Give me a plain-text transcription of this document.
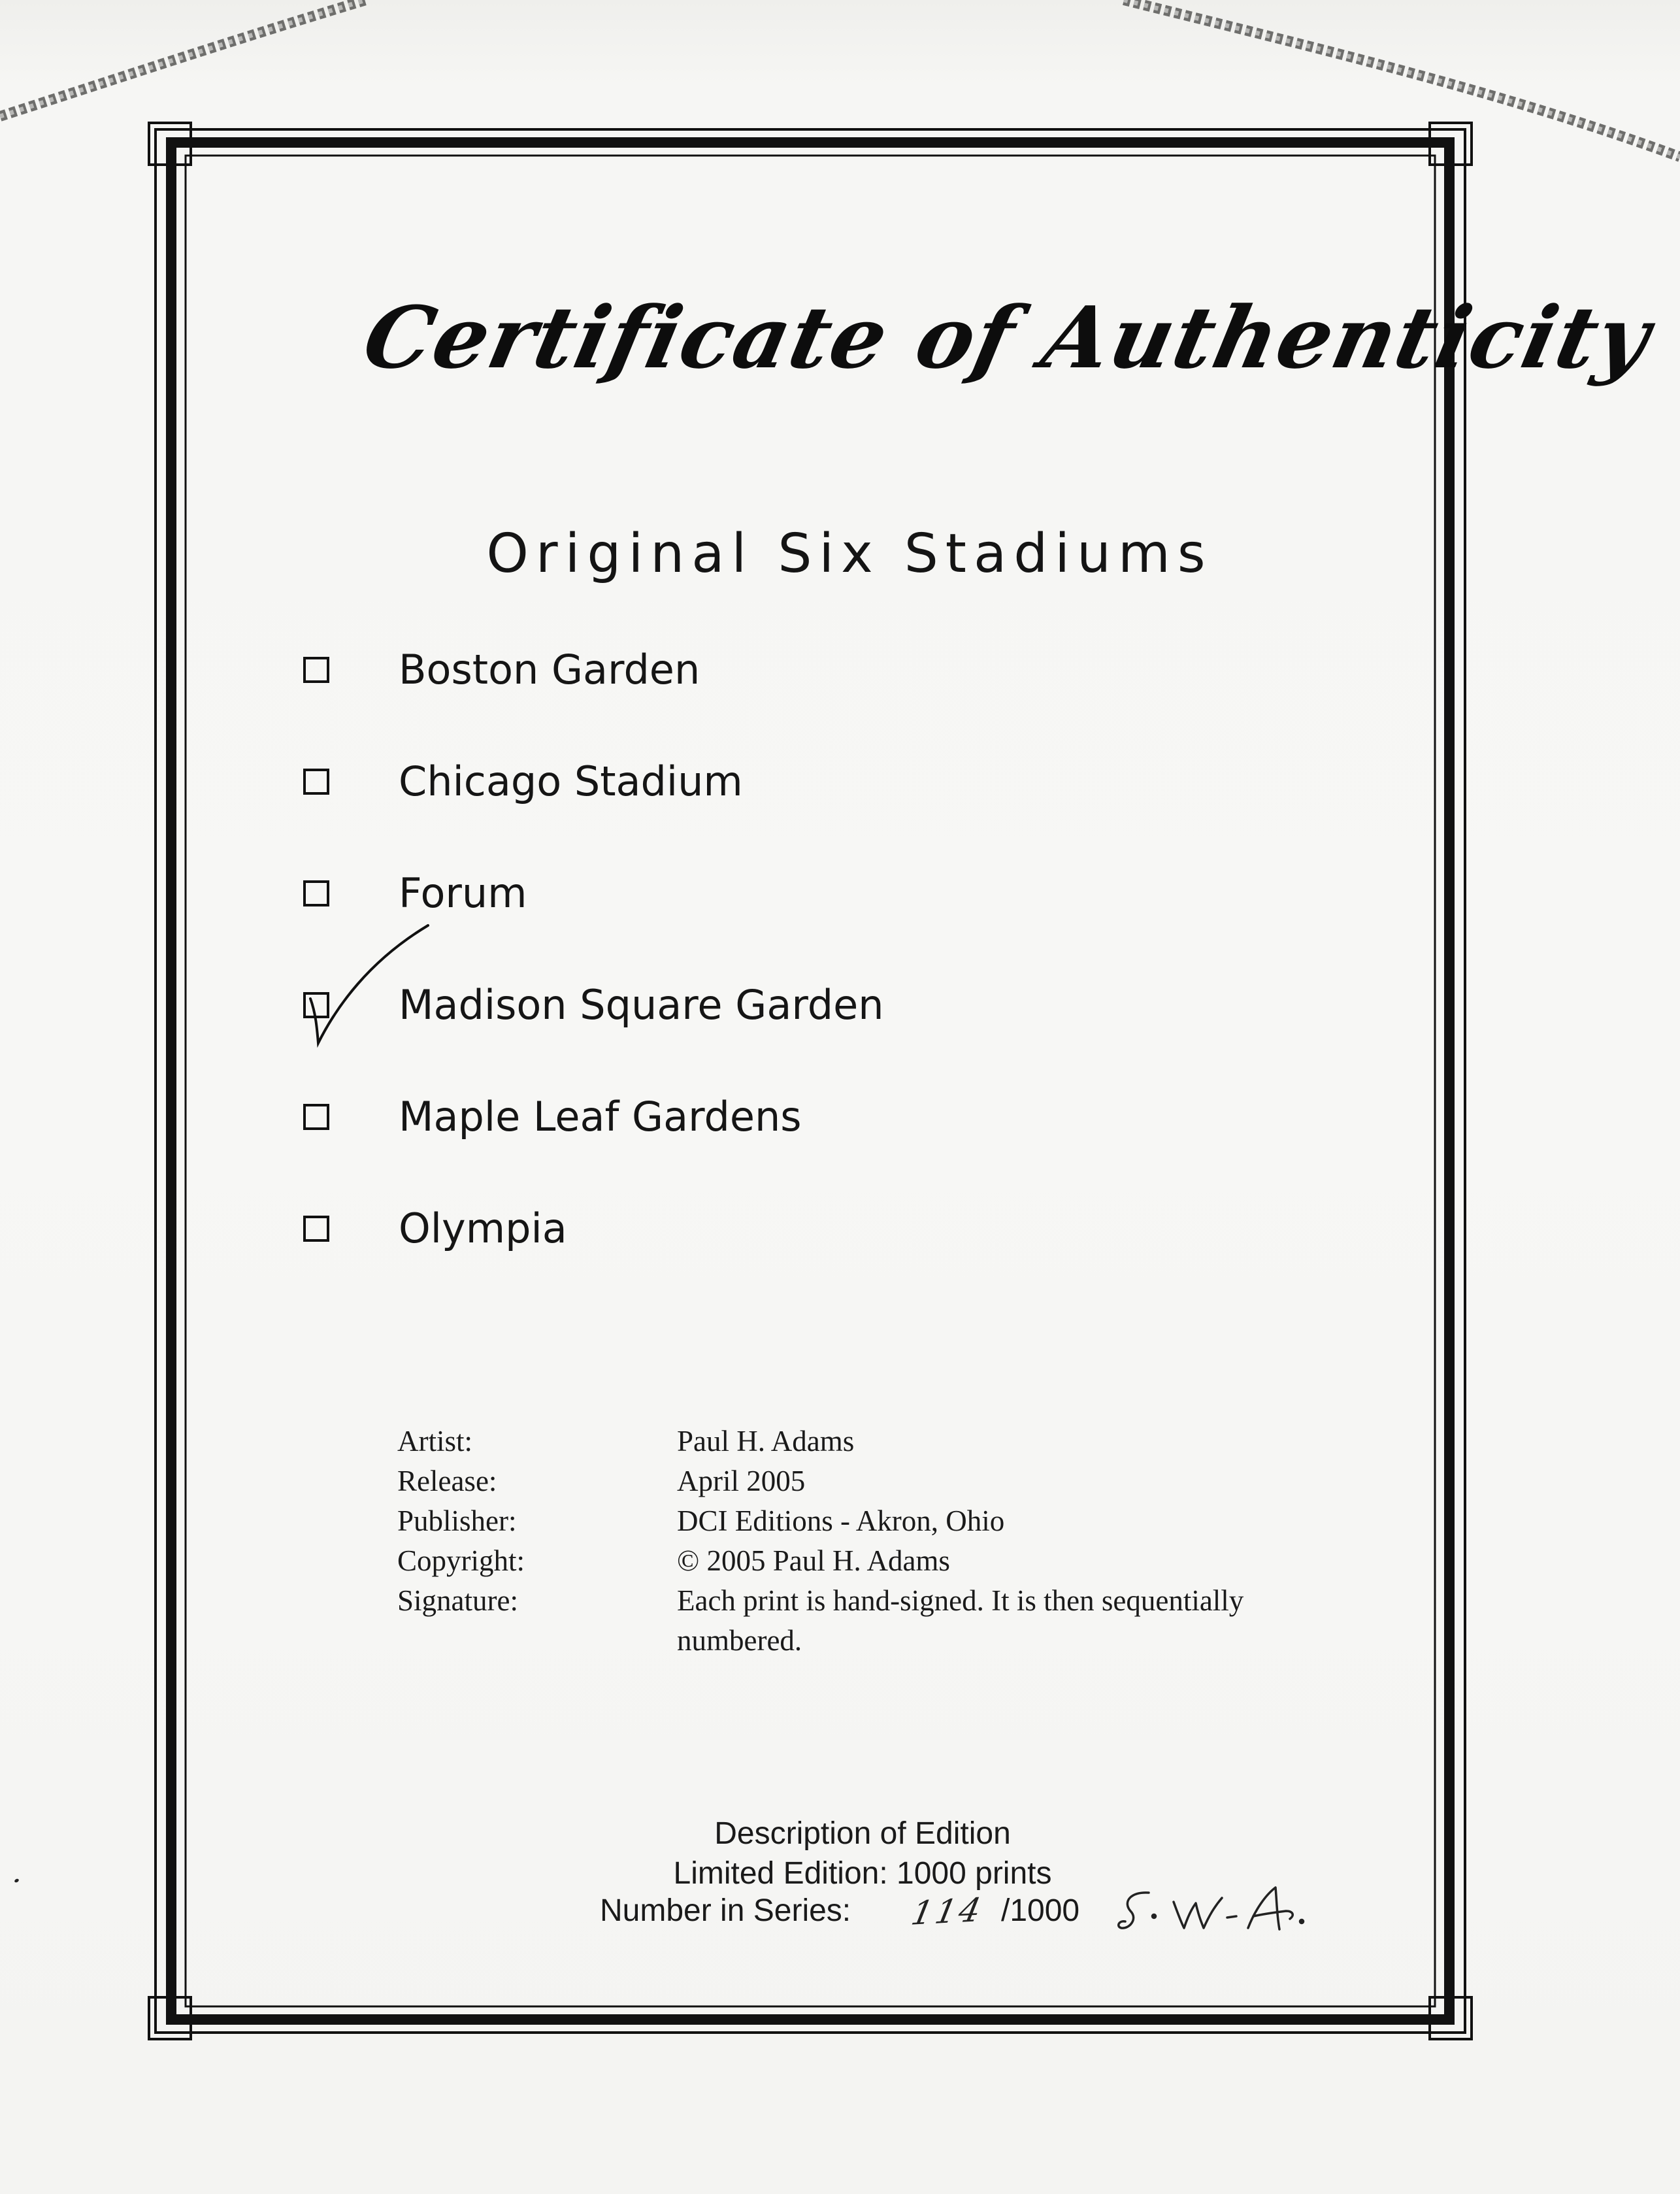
Certificate of Authenticity
Original Six Stadiums
Boston Garden
Chicago Stadium
Forum
Madison Square Garden
Maple Leaf Gardens
Olympia
Artist:	Paul H. Adams
Release:	April 2005
Publisher:	DCI Editions - Akron, Ohio
Copyright:	© 2005 Paul H. Adams
Signature:	Each print is hand-signed. It is then sequentially numbered.
Description of Edition
Limited Edition: 1000 prints
Number in Series: 114 /1000
